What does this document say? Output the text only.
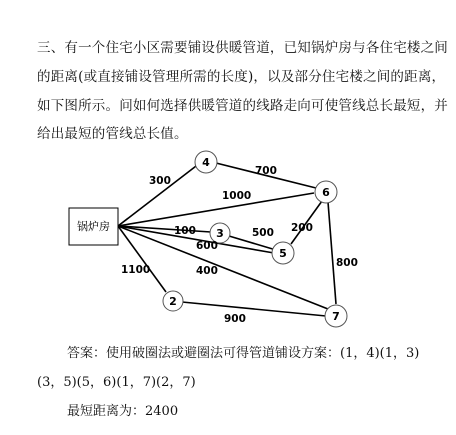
三、有一个住宅小区需要铺设供暖管道，已知锅炉房与各住宅楼之间
的距离(或直接铺设管理所需的长度)，以及部分住宅楼之间的距离，
如下图所示。问如何选择供暖管道的线路走向可使管线总长最短，并
给出最短的管线总长值。
锅炉房
4
6
3
5
2
7
300
700
1000
100	500
600
200
800
400
1100
900
答案：使用破圈法或避圈法可得管道铺设方案：(1，4)(1，3)
(3，5)(5，6)(1，7)(2，7)
最短距离为：2400
